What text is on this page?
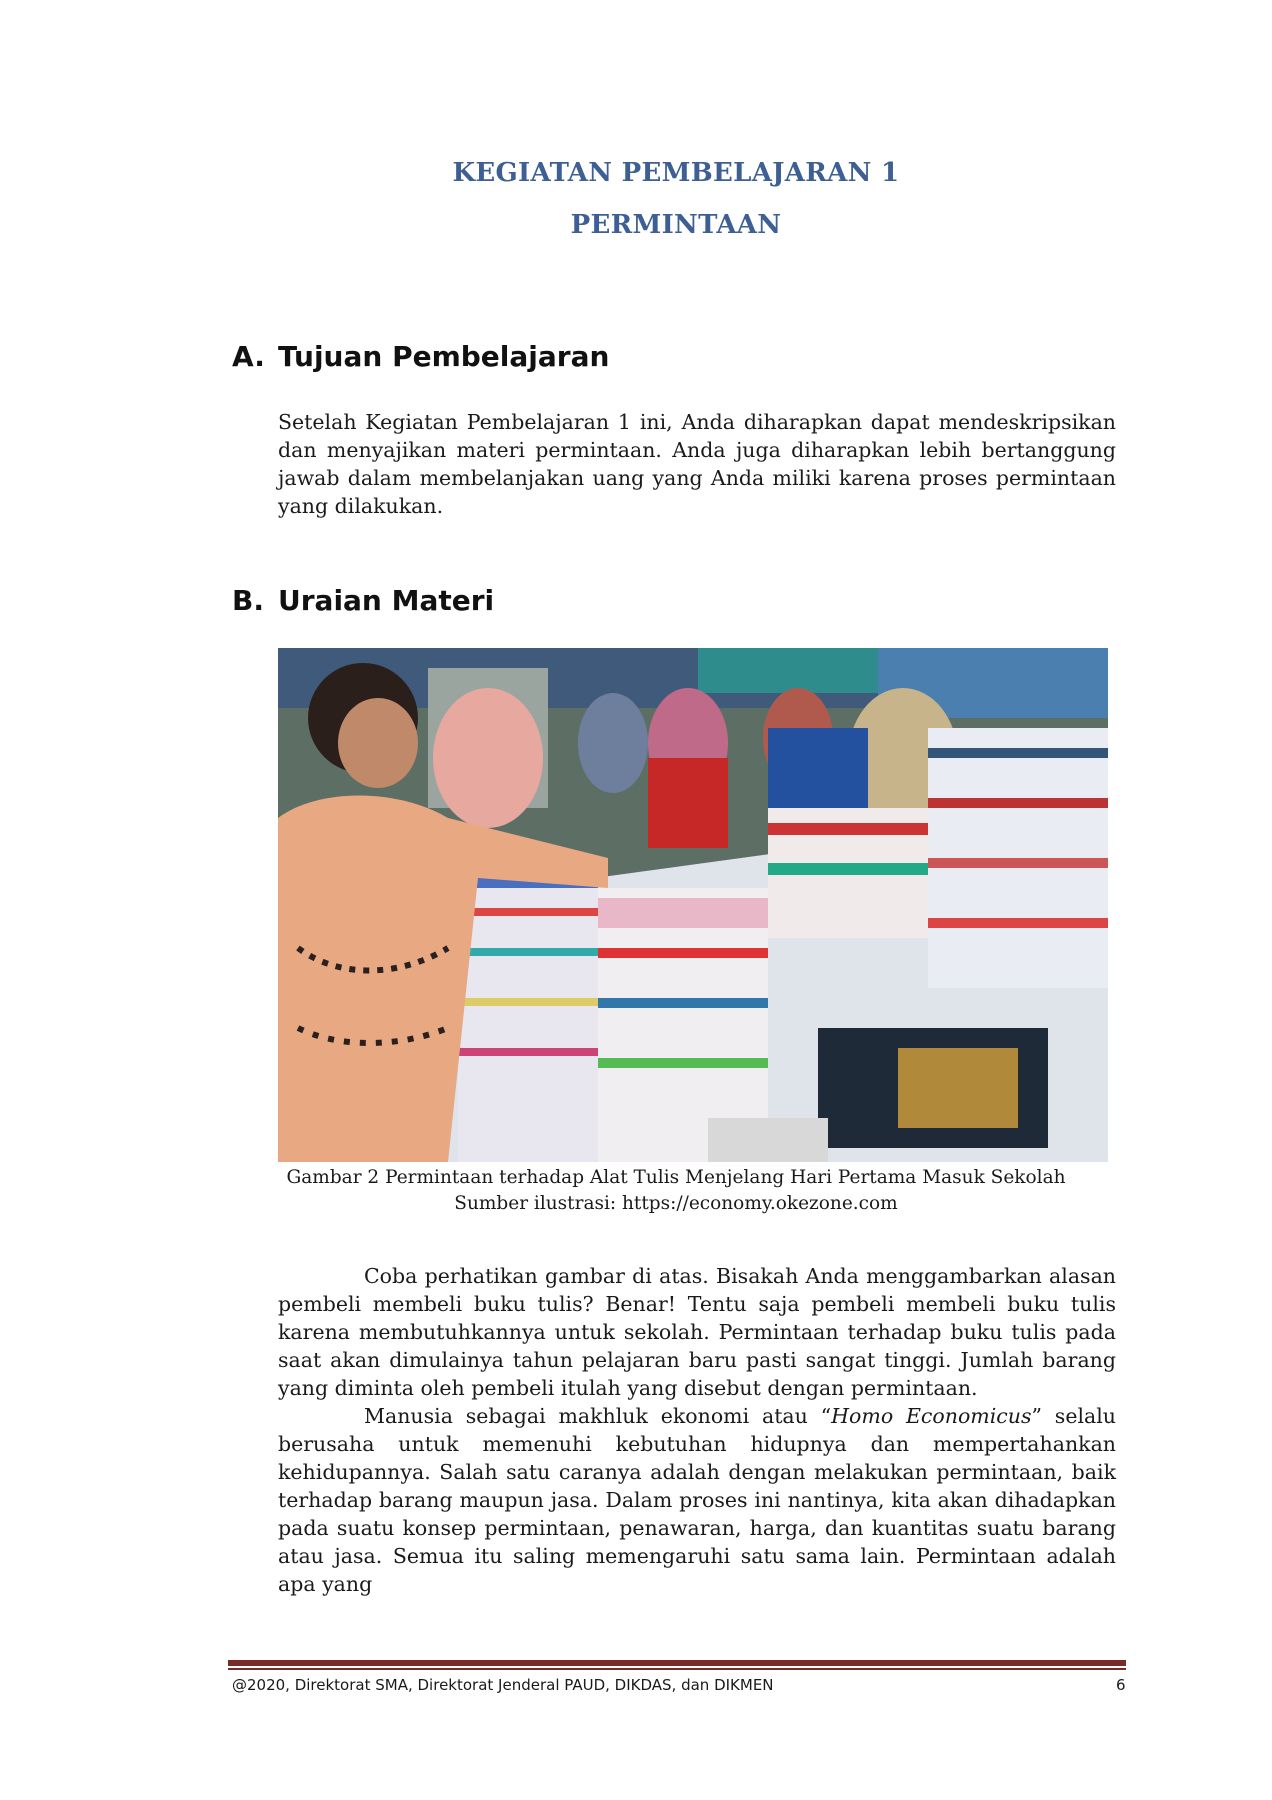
KEGIATAN PEMBELAJARAN 1
PERMINTAAN
A. Tujuan Pembelajaran
Setelah Kegiatan Pembelajaran 1 ini, Anda diharapkan dapat mendeskripsikan dan menyajikan materi permintaan. Anda juga diharapkan lebih bertanggung jawab dalam membelanjakan uang yang Anda miliki karena proses permintaan yang dilakukan.
B. Uraian Materi
Gambar 2 Permintaan terhadap Alat Tulis Menjelang Hari Pertama Masuk Sekolah
Sumber ilustrasi: https://economy.okezone.com
Coba perhatikan gambar di atas. Bisakah Anda menggambarkan alasan pembeli membeli buku tulis? Benar! Tentu saja pembeli membeli buku tulis karena membutuhkannya untuk sekolah. Permintaan terhadap buku tulis pada saat akan dimulainya tahun pelajaran baru pasti sangat tinggi. Jumlah barang yang diminta oleh pembeli itulah yang disebut dengan permintaan.
Manusia sebagai makhluk ekonomi atau “Homo Economicus” selalu berusaha untuk memenuhi kebutuhan hidupnya dan mempertahankan kehidupannya. Salah satu caranya adalah dengan melakukan permintaan, baik terhadap barang maupun jasa. Dalam proses ini nantinya, kita akan dihadapkan pada suatu konsep permintaan, penawaran, harga, dan kuantitas suatu barang atau jasa. Semua itu saling memengaruhi satu sama lain. Permintaan adalah apa yang
@2020, Direktorat SMA, Direktorat Jenderal PAUD, DIKDAS, dan DIKMEN	6
